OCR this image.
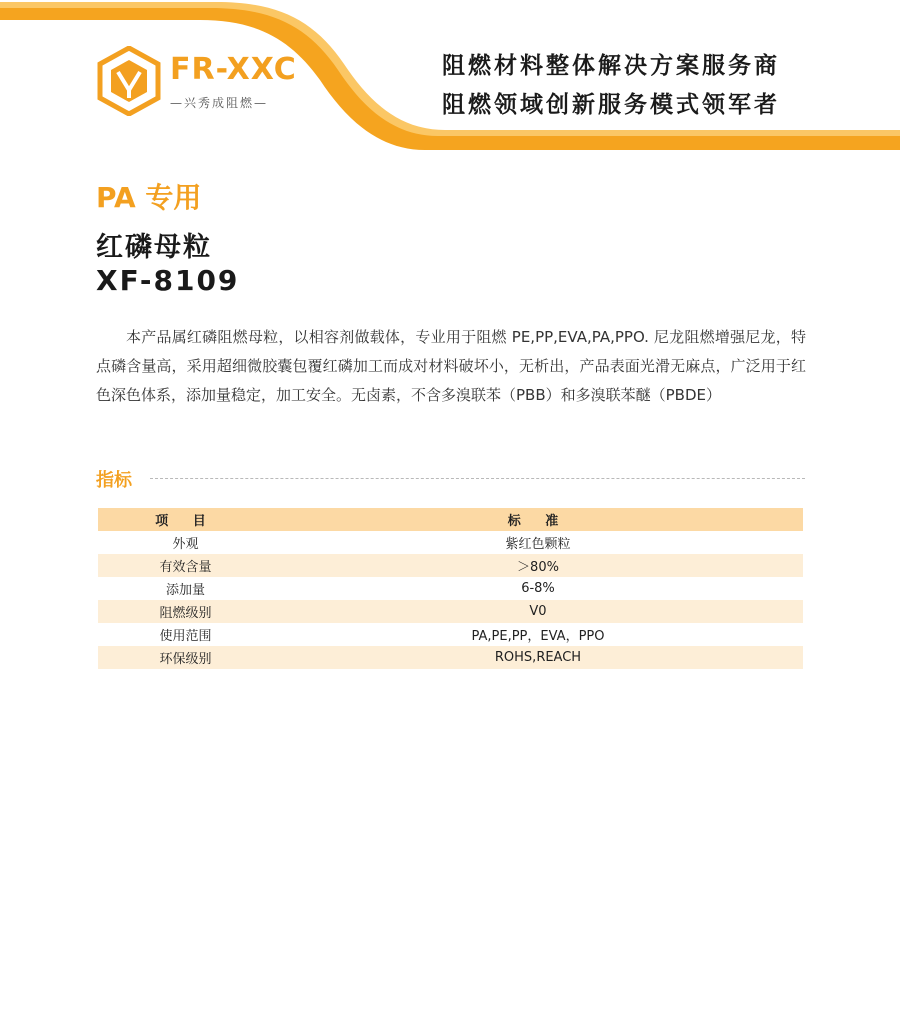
FR-XXC
—兴秀成阻燃—
阻燃材料整体解决方案服务商
阻燃领域创新服务模式领军者
PA 专用
红磷母粒
XF-8109
本产品属红磷阻燃母粒，以相容剂做载体，专业用于阻燃 PE,PP,EVA,PA,PPO. 尼龙阻燃增强尼龙，特点磷含量高，采用超细微胶囊包覆红磷加工而成对材料破坏小，无析出，产品表面光滑无麻点，广泛用于红色深色体系，添加量稳定，加工安全。无卤素，不含多溴联苯（PBB）和多溴联苯醚（PBDE）
指标
项 目	标 准
外观	紫红色颗粒
有效含量	＞80%
添加量	6-8%
阻燃级别	V0
使用范围	PA,PE,PP，EVA，PPO
环保级别	ROHS,REACH
